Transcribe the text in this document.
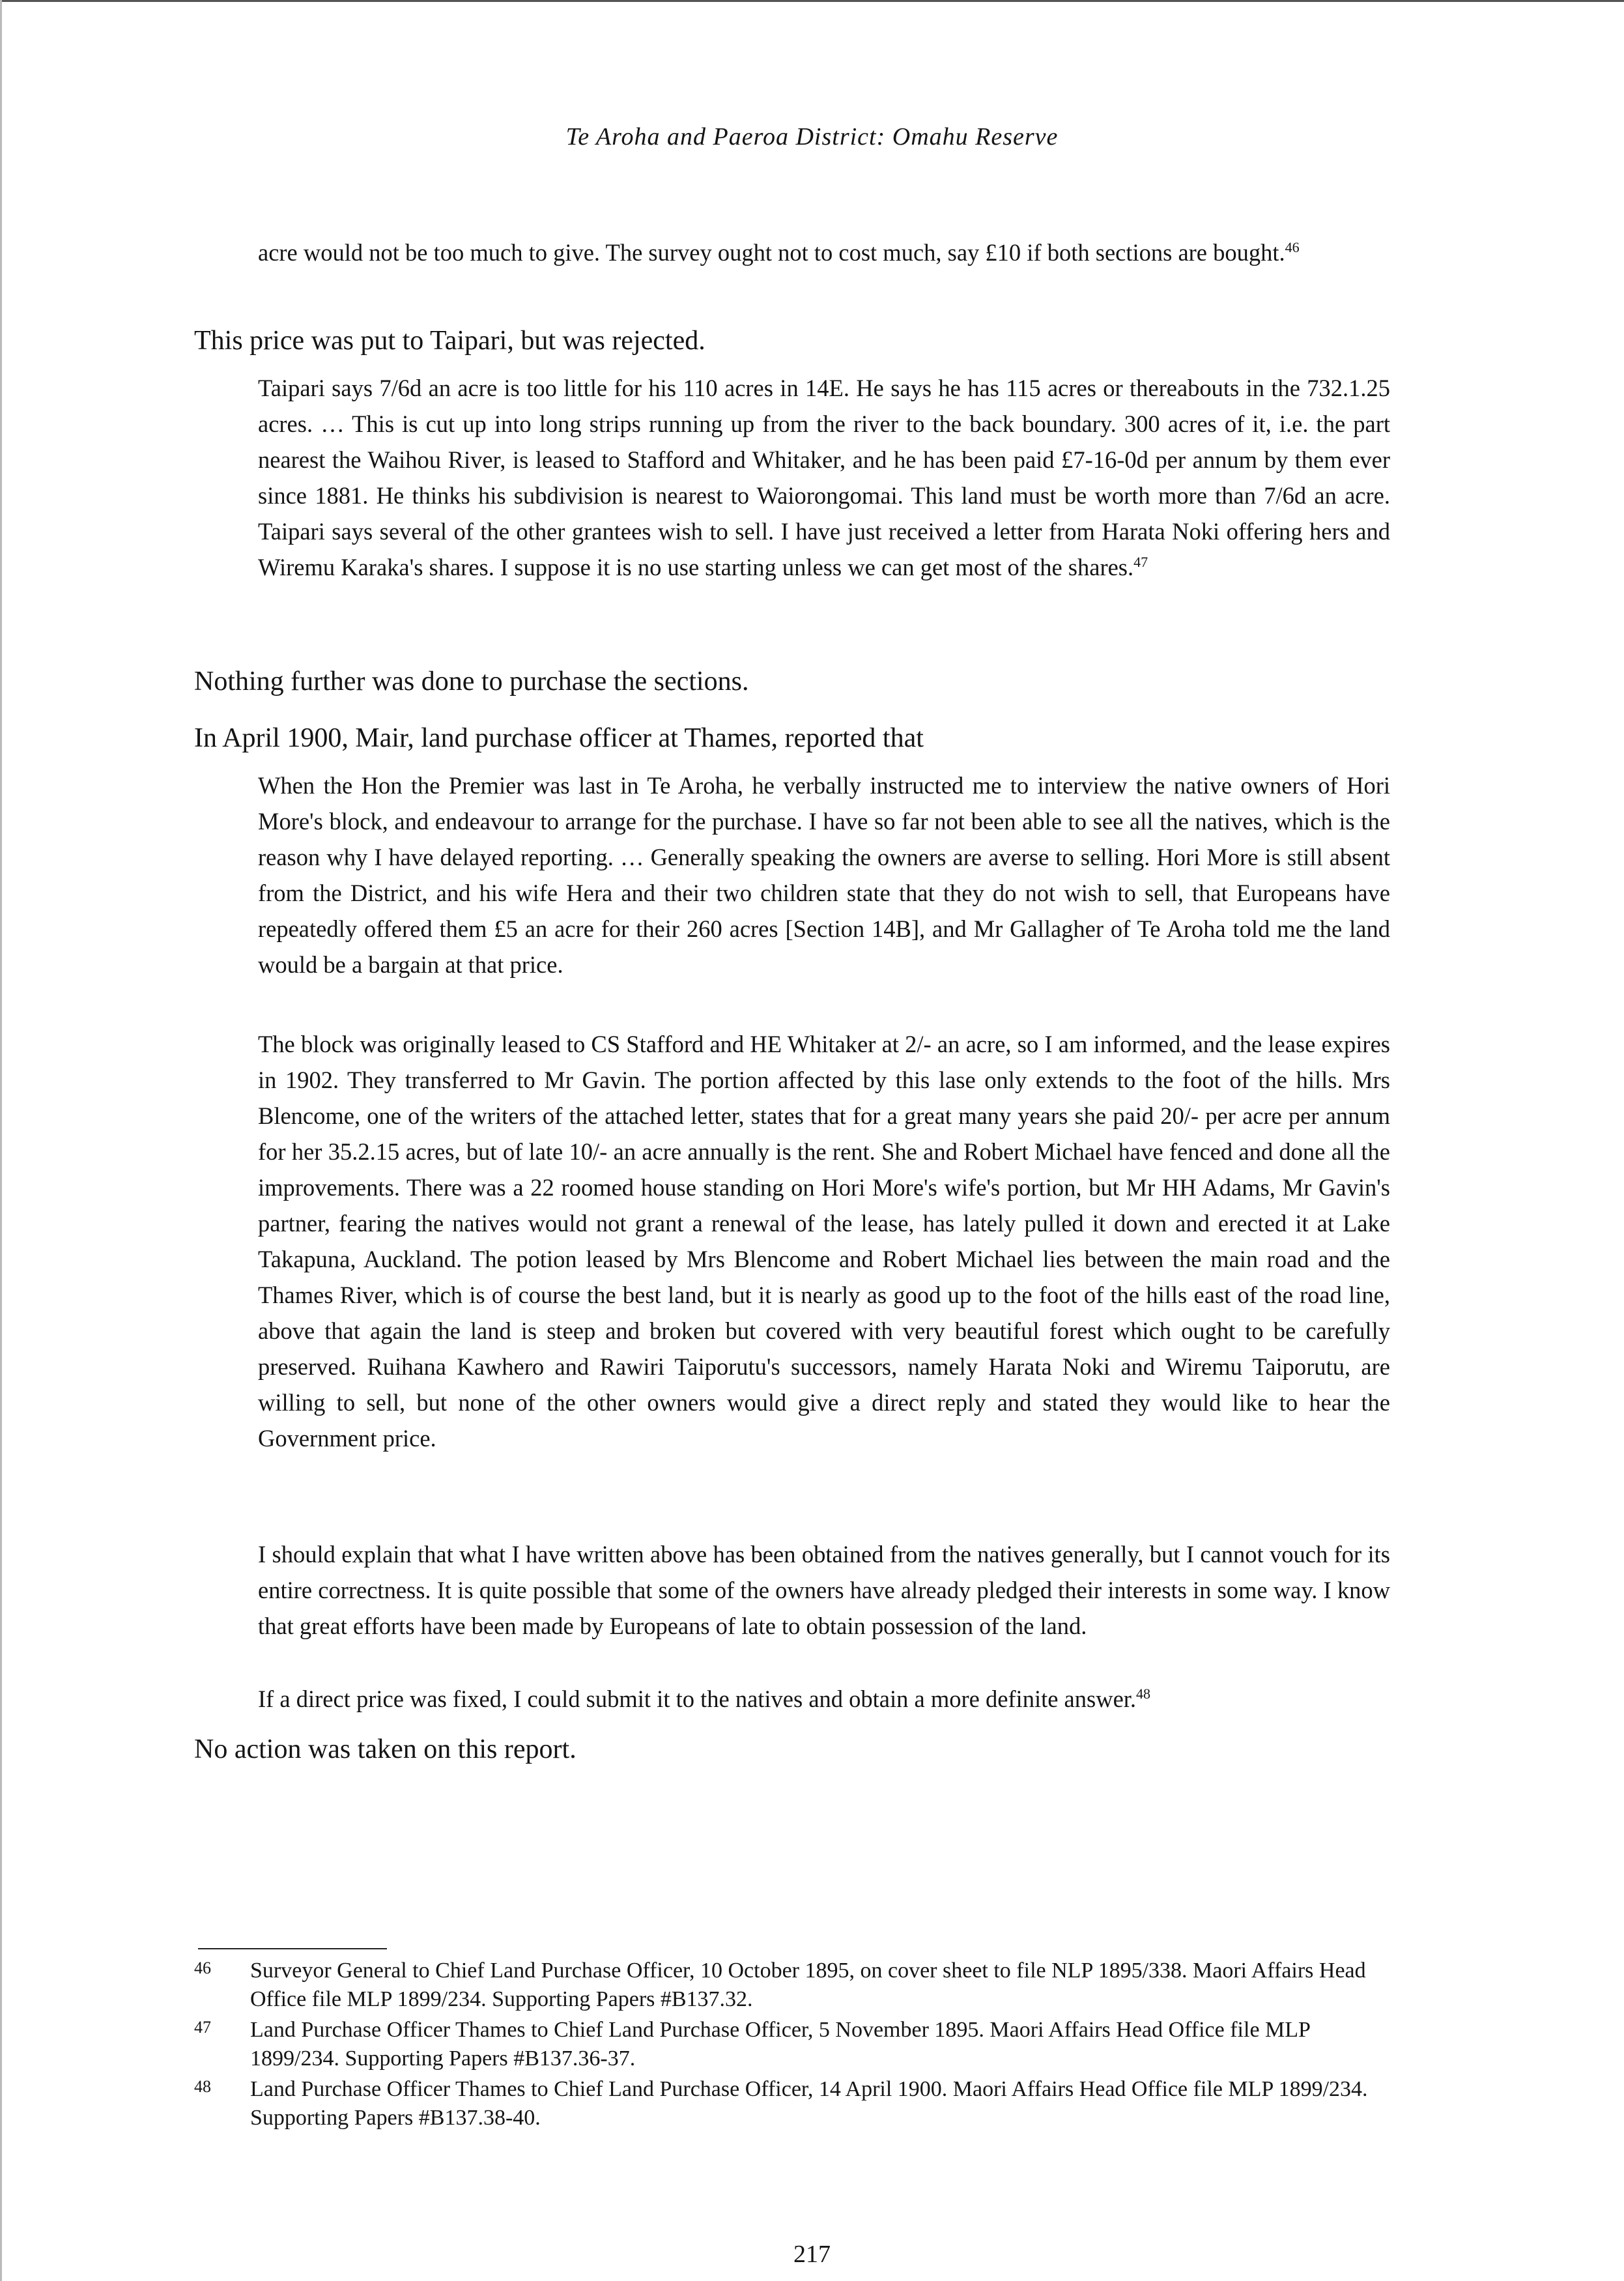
Te Aroha and Paeroa District: Omahu Reserve

acre would not be too much to give. The survey ought not to cost much, say £10 if both sections are bought.$^{46}$

This price was put to Taipari, but was rejected.

Taipari says 7/6d an acre is too little for his 110 acres in 14E. He says he has 115 acres or thereabouts in the 732.1.25 acres. … This is cut up into long strips running up from the river to the back boundary. 300 acres of it, i.e. the part nearest the Waihou River, is leased to Stafford and Whitaker, and he has been paid £7-16-0d per annum by them ever since 1881. He thinks his subdivision is nearest to Waiorongomai. This land must be worth more than 7/6d an acre. Taipari says several of the other grantees wish to sell. I have just received a letter from Harata Noki offering hers and Wiremu Karaka's shares. I suppose it is no use starting unless we can get most of the shares.$^{47}$

Nothing further was done to purchase the sections.

In April 1900, Mair, land purchase officer at Thames, reported that

When the Hon the Premier was last in Te Aroha, he verbally instructed me to interview the native owners of Hori More's block, and endeavour to arrange for the purchase. I have so far not been able to see all the natives, which is the reason why I have delayed reporting. … Generally speaking the owners are averse to selling. Hori More is still absent from the District, and his wife Hera and their two children state that they do not wish to sell, that Europeans have repeatedly offered them £5 an acre for their 260 acres [Section 14B], and Mr Gallagher of Te Aroha told me the land would be a bargain at that price.

The block was originally leased to CS Stafford and HE Whitaker at 2/- an acre, so I am informed, and the lease expires in 1902. They transferred to Mr Gavin. The portion affected by this lase only extends to the foot of the hills. Mrs Blencome, one of the writers of the attached letter, states that for a great many years she paid 20/- per acre per annum for her 35.2.15 acres, but of late 10/- an acre annually is the rent. She and Robert Michael have fenced and done all the improvements. There was a 22 roomed house standing on Hori More's wife's portion, but Mr HH Adams, Mr Gavin's partner, fearing the natives would not grant a renewal of the lease, has lately pulled it down and erected it at Lake Takapuna, Auckland. The potion leased by Mrs Blencome and Robert Michael lies between the main road and the Thames River, which is of course the best land, but it is nearly as good up to the foot of the hills east of the road line, above that again the land is steep and broken but covered with very beautiful forest which ought to be carefully preserved. Ruihana Kawhero and Rawiri Taiporutu's successors, namely Harata Noki and Wiremu Taiporutu, are willing to sell, but none of the other owners would give a direct reply and stated they would like to hear the Government price.

I should explain that what I have written above has been obtained from the natives generally, but I cannot vouch for its entire correctness. It is quite possible that some of the owners have already pledged their interests in some way. I know that great efforts have been made by Europeans of late to obtain possession of the land.

If a direct price was fixed, I could submit it to the natives and obtain a more definite answer.$^{48}$

No action was taken on this report.

46 Surveyor General to Chief Land Purchase Officer, 10 October 1895, on cover sheet to file NLP 1895/338. Maori Affairs Head Office file MLP 1899/234. Supporting Papers #B137.32.
47 Land Purchase Officer Thames to Chief Land Purchase Officer, 5 November 1895. Maori Affairs Head Office file MLP 1899/234. Supporting Papers #B137.36-37.
48 Land Purchase Officer Thames to Chief Land Purchase Officer, 14 April 1900. Maori Affairs Head Office file MLP 1899/234. Supporting Papers #B137.38-40.
217
